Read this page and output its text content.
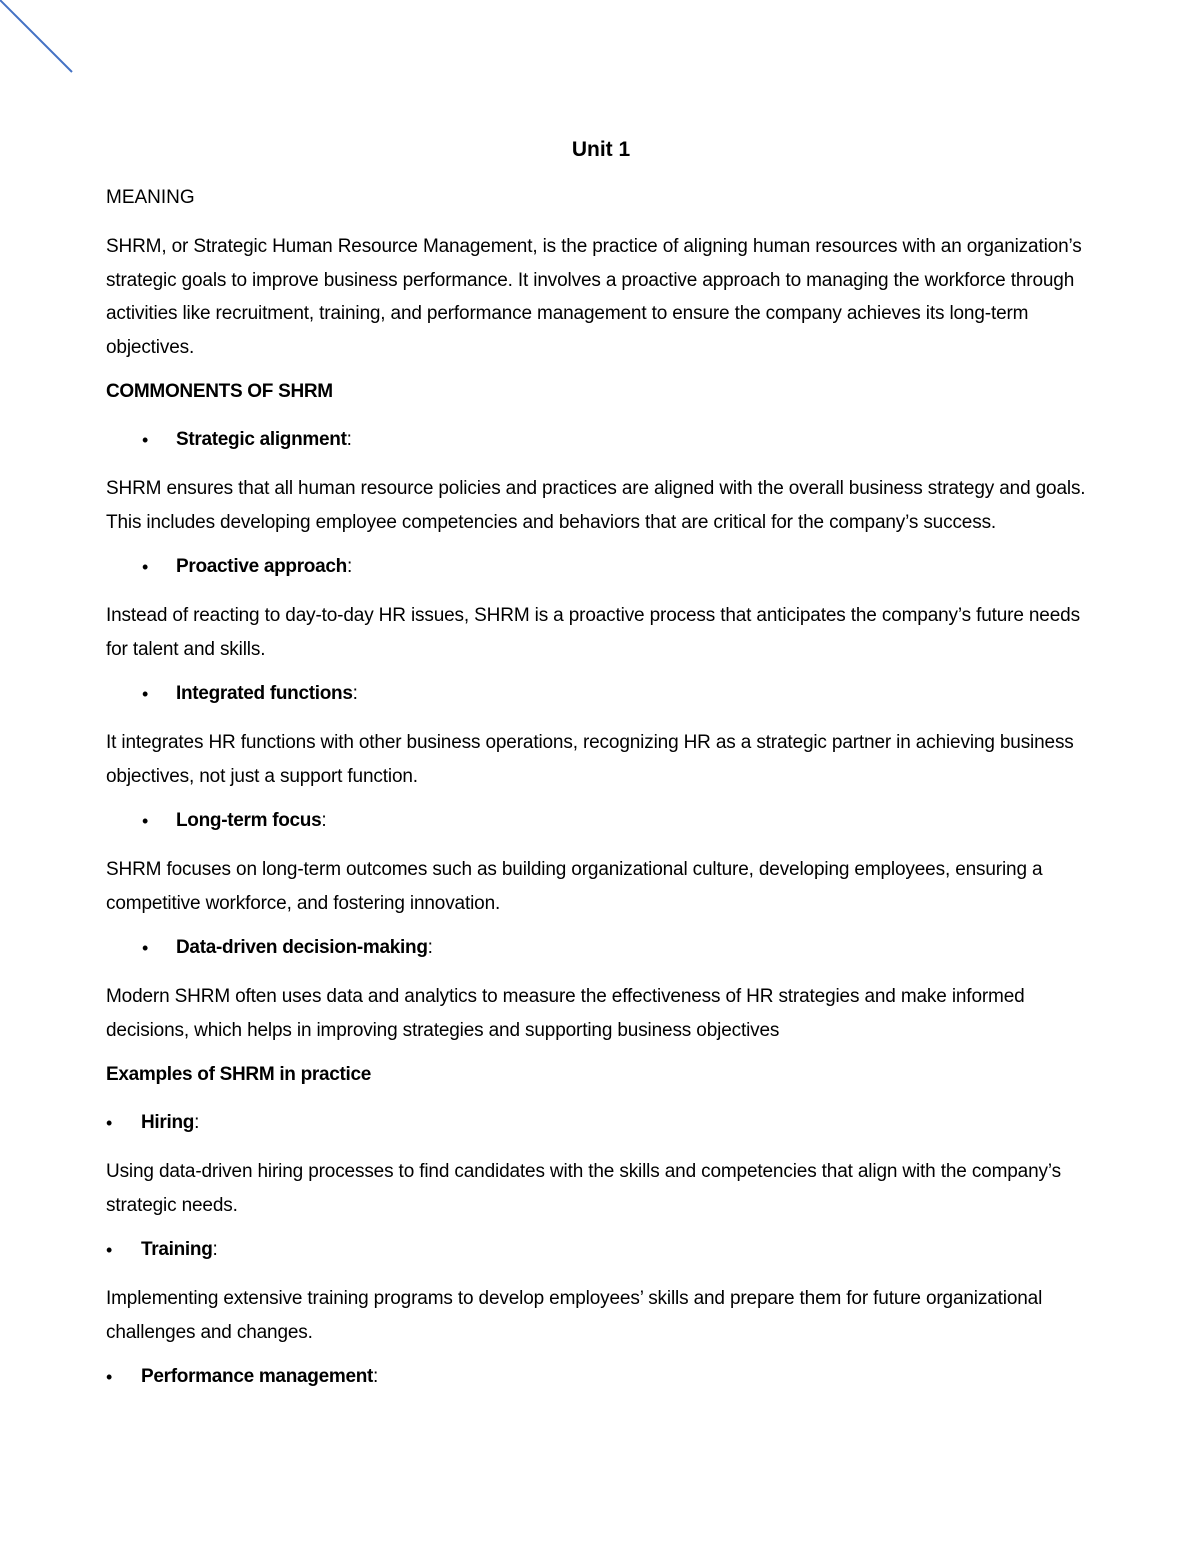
Unit 1
MEANING

SHRM, or Strategic Human Resource Management, is the practice of aligning human resources with an organization’s strategic goals to improve business performance. It involves a proactive approach to managing the workforce through activities like recruitment, training, and performance management to ensure the company achieves its long-term objectives.

COMMONENTS OF SHRM
• Strategic alignment:

SHRM ensures that all human resource policies and practices are aligned with the overall business strategy and goals. This includes developing employee competencies and behaviors that are critical for the company’s success.

• Proactive approach:

Instead of reacting to day-to-day HR issues, SHRM is a proactive process that anticipates the company’s future needs for talent and skills.

• Integrated functions:

It integrates HR functions with other business operations, recognizing HR as a strategic partner in achieving business objectives, not just a support function.

• Long-term focus:

SHRM focuses on long-term outcomes such as building organizational culture, developing employees, ensuring a competitive workforce, and fostering innovation.

• Data-driven decision-making:

Modern SHRM often uses data and analytics to measure the effectiveness of HR strategies and make informed decisions, which helps in improving strategies and supporting business objectives

Examples of SHRM in practice
• Hiring:

Using data-driven hiring processes to find candidates with the skills and competencies that align with the company’s strategic needs.

• Training:

Implementing extensive training programs to develop employees’ skills and prepare them for future organizational challenges and changes.

• Performance management:
